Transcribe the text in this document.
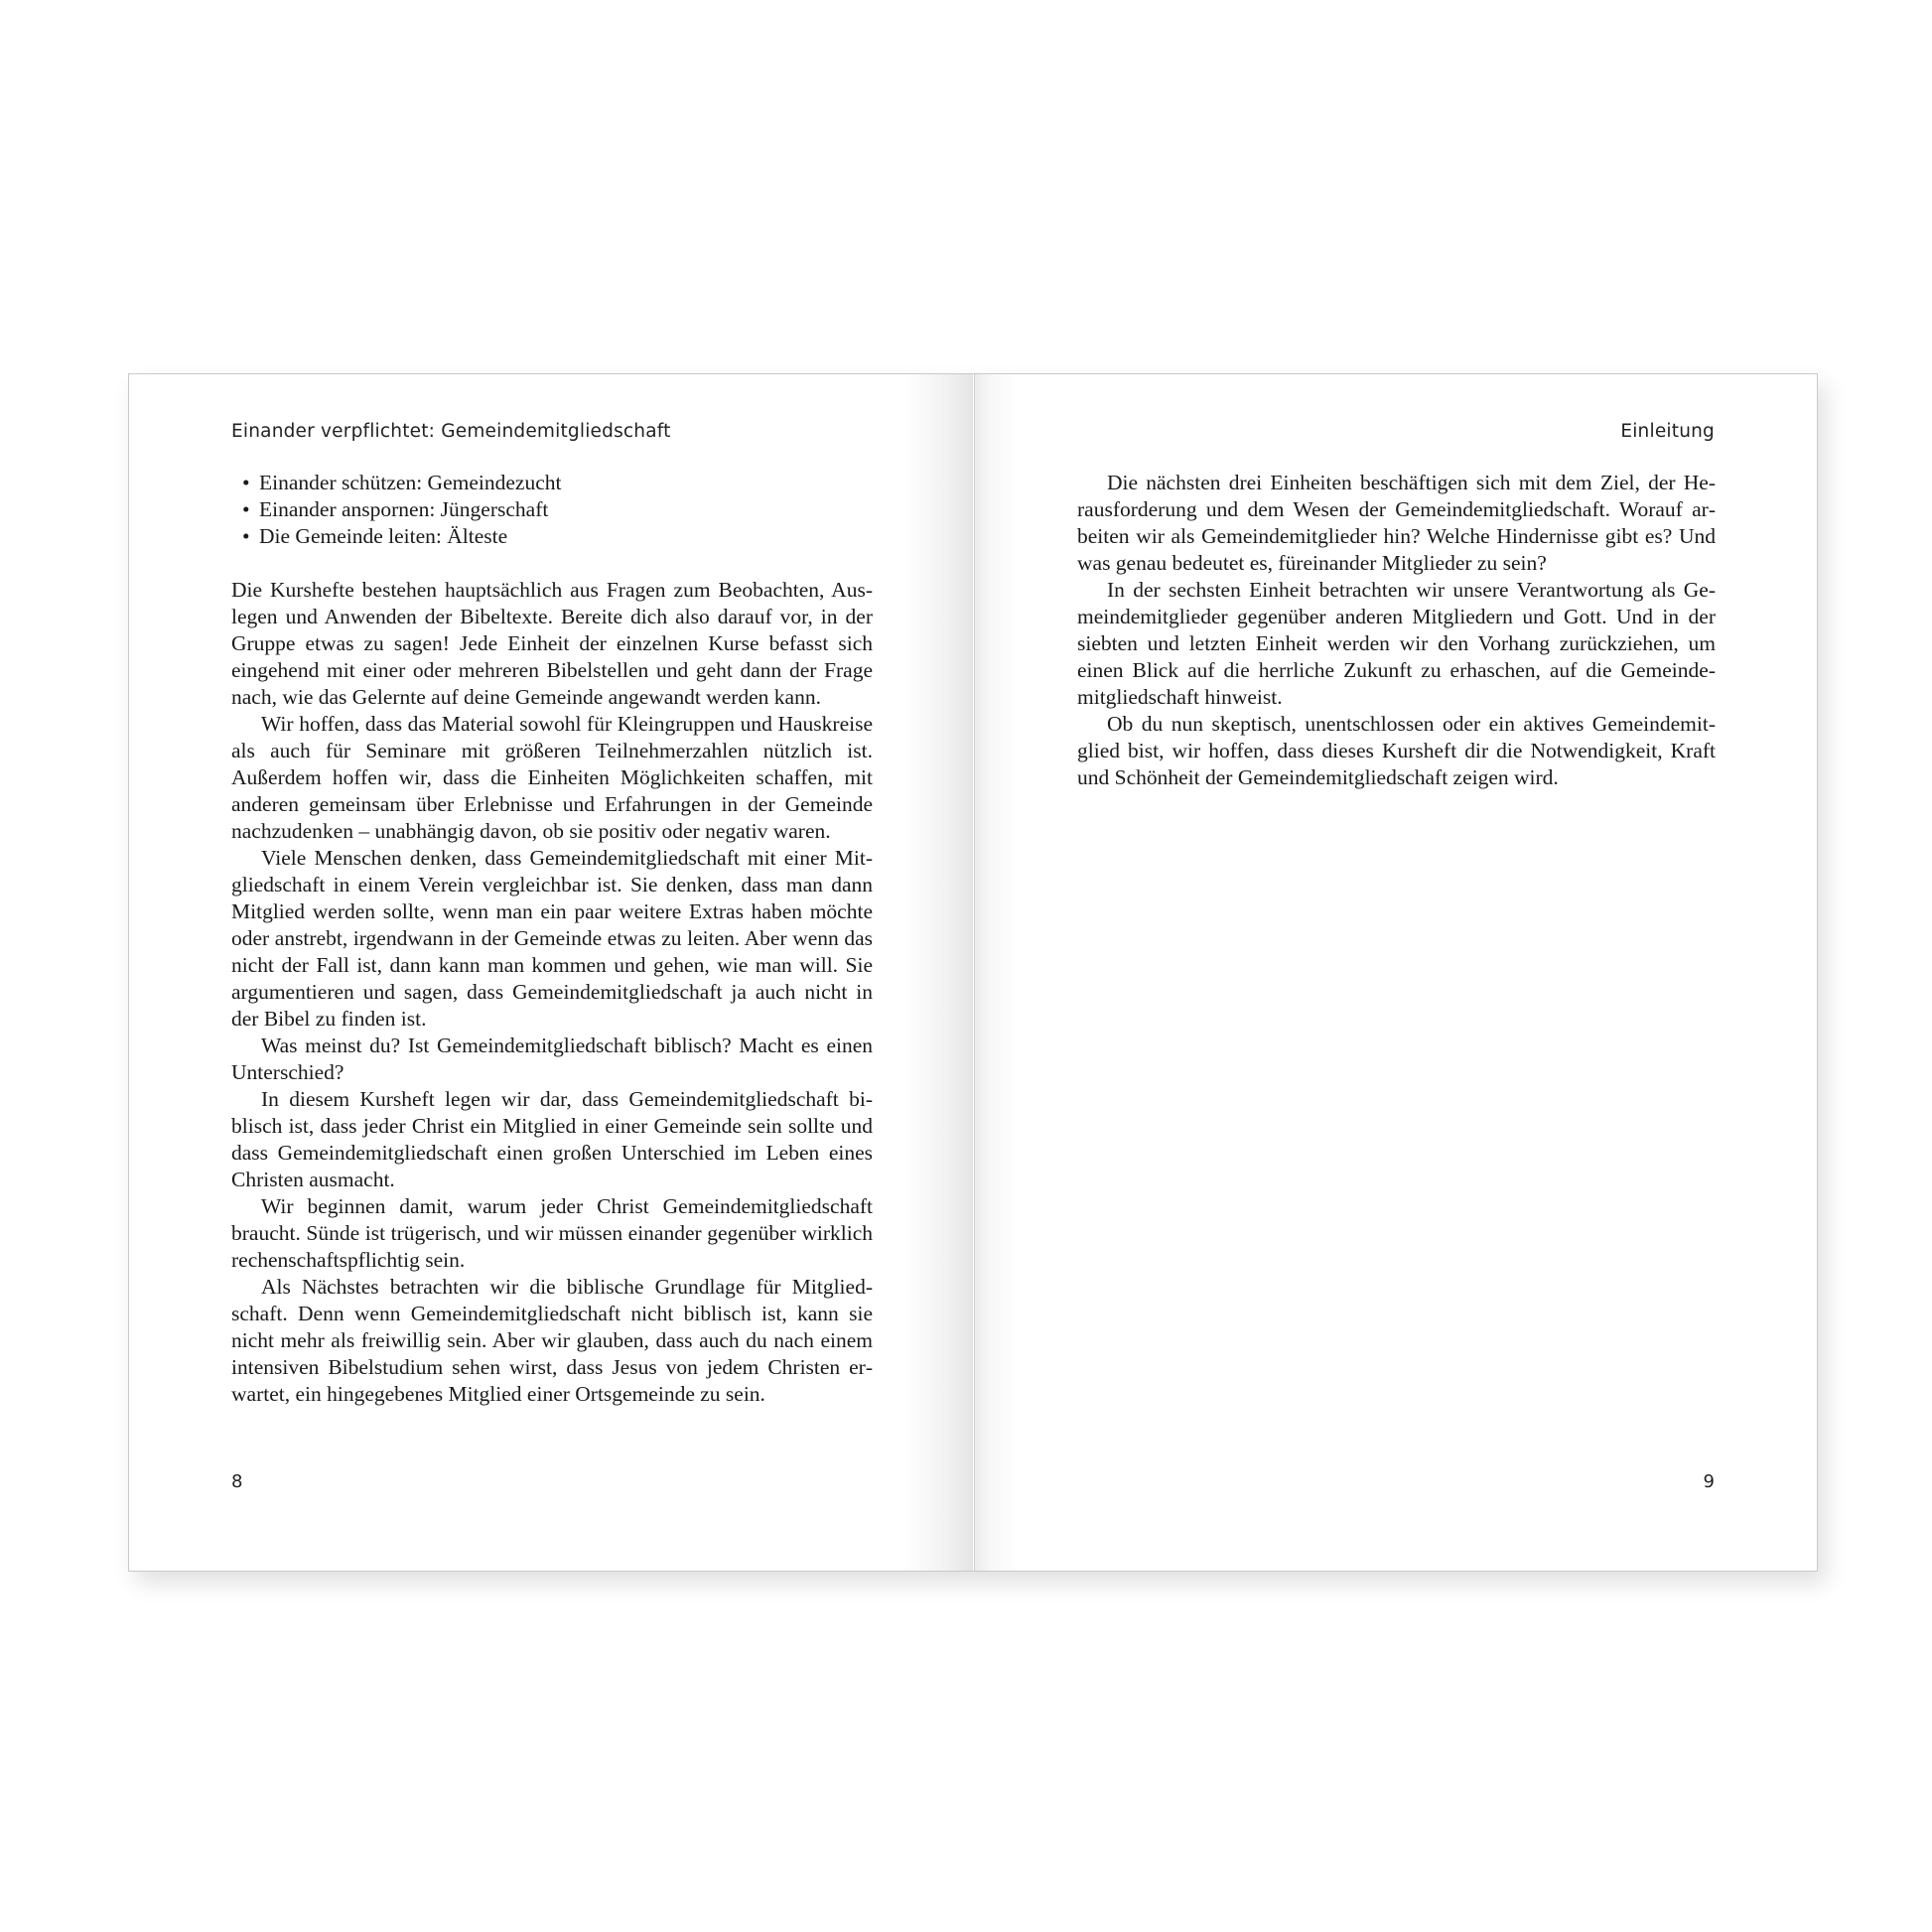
Einander verpflichtet: Gemeindemitgliedschaft
• Einander schützen: Gemeindezucht
• Einander anspornen: Jüngerschaft
• Die Gemeinde leiten: Älteste

Die Kurshefte bestehen hauptsächlich aus Fragen zum Beobachten, Auslegen und Anwenden der Bibeltexte. Bereite dich also darauf vor, in der Gruppe etwas zu sagen! Jede Einheit der einzelnen Kurse befasst sich eingehend mit einer oder mehreren Bibelstellen und geht dann der Frage nach, wie das Gelernte auf deine Gemeinde angewandt werden kann.

Wir hoffen, dass das Material sowohl für Kleingruppen und Hauskreise als auch für Seminare mit größeren Teilnehmerzahlen nützlich ist. Außerdem hoffen wir, dass die Einheiten Möglichkeiten schaffen, mit anderen gemeinsam über Erlebnisse und Erfahrungen in der Gemeinde nachzudenken – unabhängig davon, ob sie positiv oder negativ waren.

Viele Menschen denken, dass Gemeindemitgliedschaft mit einer Mitgliedschaft in einem Verein vergleichbar ist. Sie denken, dass man dann Mitglied werden sollte, wenn man ein paar weitere Extras haben möchte oder anstrebt, irgendwann in der Gemeinde etwas zu leiten. Aber wenn das nicht der Fall ist, dann kann man kommen und gehen, wie man will. Sie argumentieren und sagen, dass Gemeindemitgliedschaft ja auch nicht in der Bibel zu finden ist.

Was meinst du? Ist Gemeindemitgliedschaft biblisch? Macht es einen Unterschied?

In diesem Kursheft legen wir dar, dass Gemeindemitgliedschaft biblisch ist, dass jeder Christ ein Mitglied in einer Gemeinde sein sollte und dass Gemeindemitgliedschaft einen großen Unterschied im Leben eines Christen ausmacht.

Wir beginnen damit, warum jeder Christ Gemeindemitgliedschaft braucht. Sünde ist trügerisch, und wir müssen einander gegenüber wirklich rechenschaftspflichtig sein.

Als Nächstes betrachten wir die biblische Grundlage für Mitgliedschaft. Denn wenn Gemeindemitgliedschaft nicht biblisch ist, kann sie nicht mehr als freiwillig sein. Aber wir glauben, dass auch du nach einem intensiven Bibelstudium sehen wirst, dass Jesus von jedem Christen erwartet, ein hingegebenes Mitglied einer Ortsgemeinde zu sein.

8
Einleitung

Die nächsten drei Einheiten beschäftigen sich mit dem Ziel, der Herausforderung und dem Wesen der Gemeindemitgliedschaft. Worauf arbeiten wir als Gemeindemitglieder hin? Welche Hindernisse gibt es? Und was genau bedeutet es, füreinander Mitglieder zu sein?

In der sechsten Einheit betrachten wir unsere Verantwortung als Gemeindemitglieder gegenüber anderen Mitgliedern und Gott. Und in der siebten und letzten Einheit werden wir den Vorhang zurückziehen, um einen Blick auf die herrliche Zukunft zu erhaschen, auf die Gemeindemitgliedschaft hinweist.

Ob du nun skeptisch, unentschlossen oder ein aktives Gemeindemitglied bist, wir hoffen, dass dieses Kursheft dir die Notwendigkeit, Kraft und Schönheit der Gemeindemitgliedschaft zeigen wird.

9
